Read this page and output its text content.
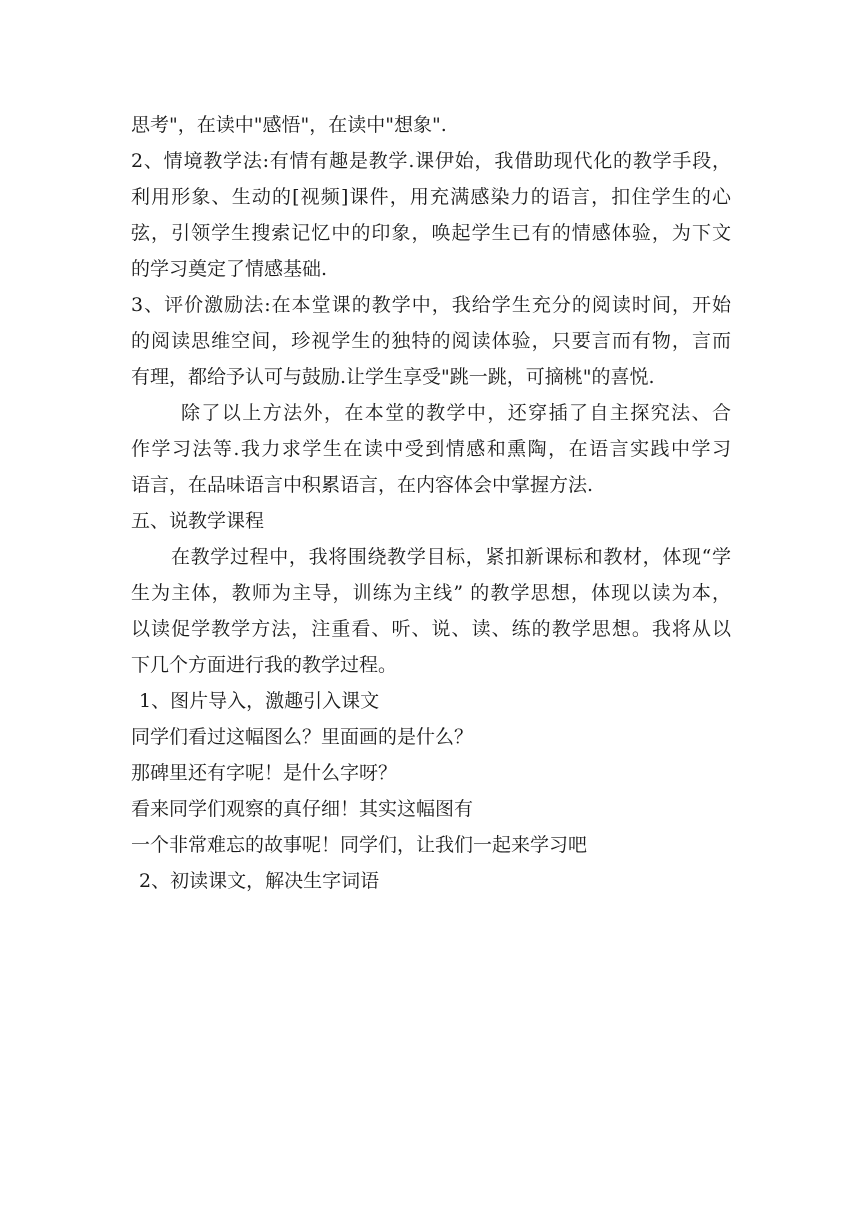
思考"，在读中"感悟"，在读中"想象".
2、情境教学法:有情有趣是教学.课伊始，我借助现代化的教学手段，
利用形象、生动的[视频]课件，用充满感染力的语言，扣住学生的心
弦，引领学生搜索记忆中的印象，唤起学生已有的情感体验，为下文
的学习奠定了情感基础.
3、评价激励法:在本堂课的教学中，我给学生充分的阅读时间，开始
的阅读思维空间，珍视学生的独特的阅读体验，只要言而有物，言而
有理，都给予认可与鼓励.让学生享受"跳一跳，可摘桃"的喜悦.
除了以上方法外，在本堂的教学中，还穿插了自主探究法、合
作学习法等.我力求学生在读中受到情感和熏陶，在语言实践中学习
语言，在品味语言中积累语言，在内容体会中掌握方法.
五、说教学课程
在教学过程中，我将围绕教学目标，紧扣新课标和教材，体现“学
生为主体，教师为主导，训练为主线” 的教学思想，体现以读为本，
以读促学教学方法，注重看、听、说、读、练的教学思想。我将从以
下几个方面进行我的教学过程。
1、图片导入，激趣引入课文
同学们看过这幅图么？里面画的是什么？
那碑里还有字呢！是什么字呀？
看来同学们观察的真仔细！其实这幅图有
一个非常难忘的故事呢！同学们，让我们一起来学习吧
2、初读课文，解决生字词语
